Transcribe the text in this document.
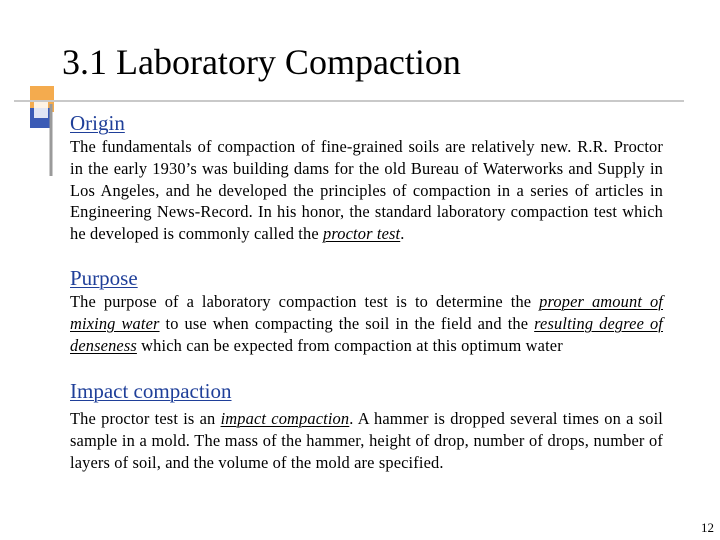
3.1 Laboratory Compaction
Origin
The fundamentals of compaction of fine-grained soils are relatively new. R.R. Proctor in the early 1930’s was building dams for the old Bureau of Waterworks and Supply in Los Angeles, and he developed the principles of compaction in a series of articles in Engineering News-Record. In his honor, the standard laboratory compaction test which he developed is commonly called the proctor test.
Purpose
The purpose of a laboratory compaction test is to determine the proper amount of mixing water to use when compacting the soil in the field and the resulting degree of denseness which can be expected from compaction at this optimum water
Impact compaction
The proctor test is an impact compaction. A hammer is dropped several times on a soil sample in a mold. The mass of the hammer, height of drop, number of drops, number of layers of soil, and the volume of the mold are specified.
12
